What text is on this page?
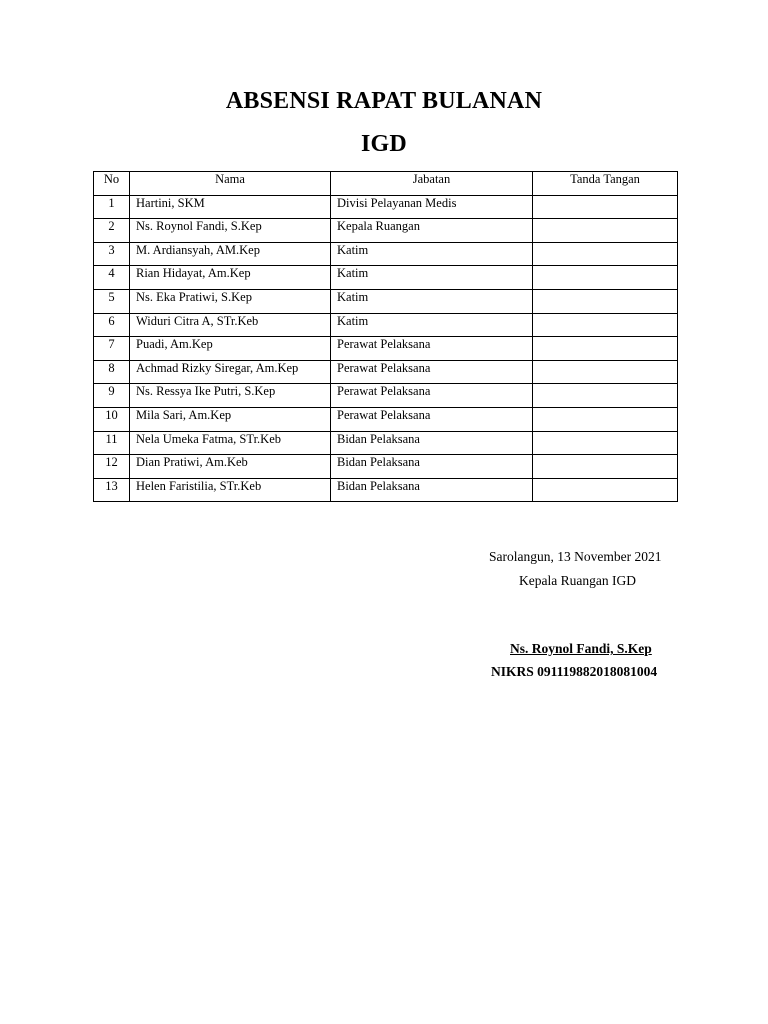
ABSENSI RAPAT BULANAN
IGD
No	Nama	Jabatan	Tanda Tangan
1	Hartini, SKM	Divisi Pelayanan Medis	
2	Ns. Roynol Fandi, S.Kep	Kepala Ruangan	
3	M. Ardiansyah, AM.Kep	Katim	
4	Rian Hidayat, Am.Kep	Katim	
5	Ns. Eka Pratiwi, S.Kep	Katim	
6	Widuri Citra A, STr.Keb	Katim	
7	Puadi, Am.Kep	Perawat Pelaksana	
8	Achmad Rizky Siregar, Am.Kep	Perawat Pelaksana	
9	Ns. Ressya Ike Putri, S.Kep	Perawat Pelaksana	
10	Mila Sari, Am.Kep	Perawat Pelaksana	
11	Nela Umeka Fatma, STr.Keb	Bidan Pelaksana	
12	Dian Pratiwi, Am.Keb	Bidan Pelaksana	
13	Helen Faristilia, STr.Keb	Bidan Pelaksana	
Sarolangun, 13 November 2021
Kepala Ruangan IGD
Ns. Roynol Fandi, S.Kep
NIKRS 091119882018081004
